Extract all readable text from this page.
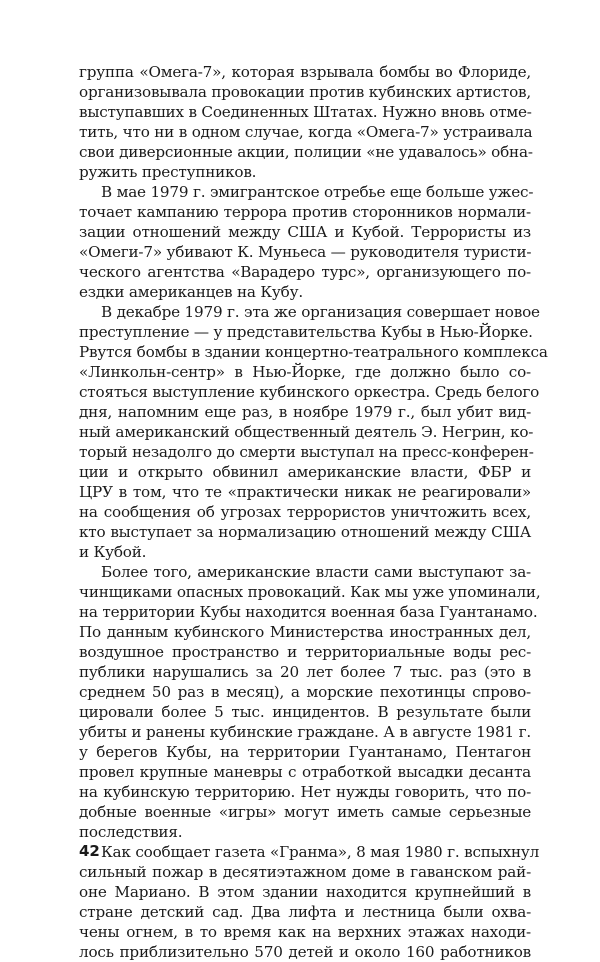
группа «Омега-7», которая взрывала бомбы во Флориде,
организовывала провокации против кубинских артистов,
выступавших в Соединенных Штатах. Нужно вновь отме-
тить, что ни в одном случае, когда «Омега-7» устраивала
свои диверсионные акции, полиции «не удавалось» обна-
ружить преступников.
В мае 1979 г. эмигрантское отребье еще больше ужес-
точает кампанию террора против сторонников нормали-
зации отношений между США и Кубой. Террористы из
«Омеги-7» убивают К. Муньеса — руководителя туристи-
ческого агентства «Варадеро турс», организующего по-
ездки американцев на Кубу.
В декабре 1979 г. эта же организация совершает новое
преступление — у представительства Кубы в Нью-Йорке.
Рвутся бомбы в здании концертно-театрального комплекса
«Линкольн-сентр» в Нью-Йорке, где должно было со-
стояться выступление кубинского оркестра. Средь белого
дня, напомним еще раз, в ноябре 1979 г., был убит вид-
ный американский общественный деятель Э. Негрин, ко-
торый незадолго до смерти выступал на пресс-конферен-
ции и открыто обвинил американские власти, ФБР и
ЦРУ в том, что те «практически никак не реагировали»
на сообщения об угрозах террористов уничтожить всех,
кто выступает за нормализацию отношений между США
и Кубой.
Более того, американские власти сами выступают за-
чинщиками опасных провокаций. Как мы уже упоминали,
на территории Кубы находится военная база Гуантанамо.
По данным кубинского Министерства иностранных дел,
воздушное пространство и территориальные воды рес-
публики нарушались за 20 лет более 7 тыс. раз (это в
среднем 50 раз в месяц), а морские пехотинцы спрово-
цировали более 5 тыс. инцидентов. В результате были
убиты и ранены кубинские граждане. А в августе 1981 г.
у берегов Кубы, на территории Гуантанамо, Пентагон
провел крупные маневры с отработкой высадки десанта
на кубинскую территорию. Нет нужды говорить, что по-
добные военные «игры» могут иметь самые серьезные
последствия.
Как сообщает газета «Гранма», 8 мая 1980 г. вспыхнул
сильный пожар в десятиэтажном доме в гаванском рай-
оне Мариано. В этом здании находится крупнейший в
стране детский сад. Два лифта и лестница были охва-
чены огнем, в то время как на верхних этажах находи-
лось приблизительно 570 детей и около 160 работников
42
